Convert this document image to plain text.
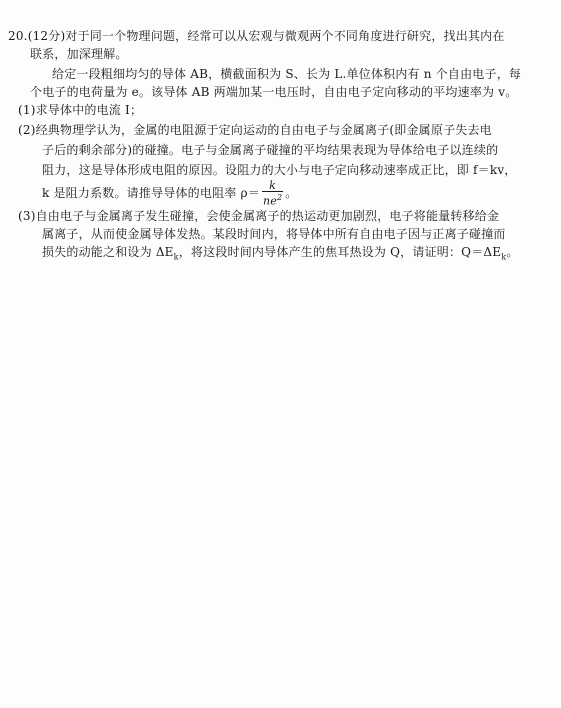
20.(12分)对于同一个物理问题，经常可以从宏观与微观两个不同角度进行研究，找出其内在
联系，加深理解。
给定一段粗细均匀的导体 AB，横截面积为 S、长为 L.单位体积内有 n 个自由电子，每
个电子的电荷量为 e。该导体 AB 两端加某一电压时，自由电子定向移动的平均速率为 v。
(1)求导体中的电流 I；
(2)经典物理学认为，金属的电阻源于定向运动的自由电子与金属离子(即金属原子失去电
子后的剩余部分)的碰撞。电子与金属离子碰撞的平均结果表现为导体给电子以连续的
阻力，这是导体形成电阻的原因。设阻力的大小与电子定向移动速率成正比，即 f＝kv，
k 是阻力系数。请推导导体的电阻率 $\rho= \frac{k}{ne^2}$ 。
(3)自由电子与金属离子发生碰撞，会使金属离子的热运动更加剧烈，电子将能量转移给金
属离子，从而使金属导体发热。某段时间内，将导体中所有自由电子因与正离子碰撞而
损失的动能之和设为 $\Delta E_k$，将这段时间内导体产生的焦耳热设为 Q，请证明：$Q=\Delta E_k$。
